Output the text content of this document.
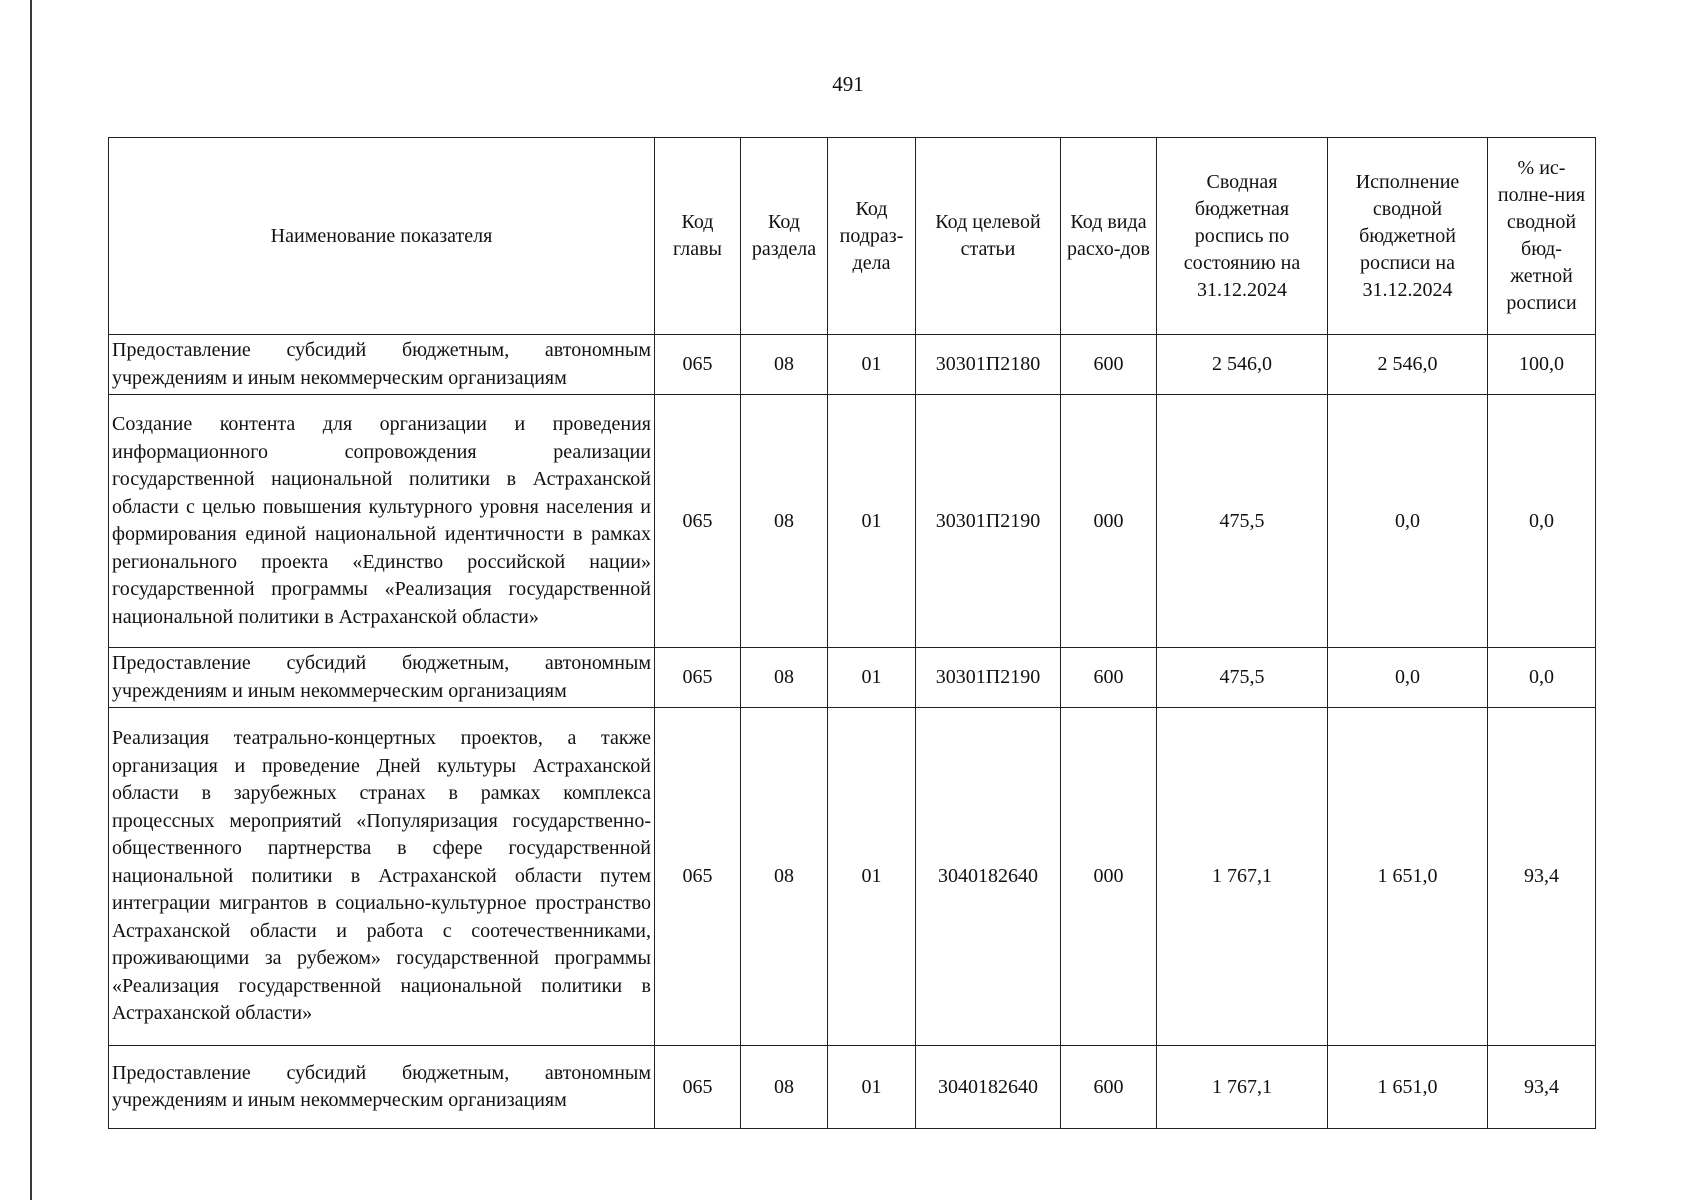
491
Наименование показателя	Код главы	Код раздела	Код подраз-дела	Код целевой статьи	Код вида расхо-дов	Сводная бюджетная роспись по состоянию на 31.12.2024	Исполнение сводной бюджетной росписи на 31.12.2024	% ис-полне-ния сводной бюд-жетной росписи
Предоставление субсидий бюджетным, автономным учреждениям и иным некоммерческим организациям	065	08	01	30301П2180	600	2 546,0	2 546,0	100,0
Создание контента для организации и проведения информационного сопровождения реализации государственной национальной политики в Астраханской области с целью повышения культурного уровня населения и формирования единой национальной идентичности в рамках регионального проекта «Единство российской нации» государственной программы «Реализация государственной национальной политики в Астраханской области»	065	08	01	30301П2190	000	475,5	0,0	0,0
Предоставление субсидий бюджетным, автономным учреждениям и иным некоммерческим организациям	065	08	01	30301П2190	600	475,5	0,0	0,0
Реализация театрально-концертных проектов, а также организация и проведение Дней культуры Астраханской области в зарубежных странах в рамках комплекса процессных мероприятий «Популяризация государственно-общественного партнерства в сфере государственной национальной политики в Астраханской области путем интеграции мигрантов в социально-культурное пространство Астраханской области и работа с соотечественниками, проживающими за рубежом» государственной программы «Реализация государственной национальной политики в Астраханской области»	065	08	01	3040182640	000	1 767,1	1 651,0	93,4
Предоставление субсидий бюджетным, автономным учреждениям и иным некоммерческим организациям	065	08	01	3040182640	600	1 767,1	1 651,0	93,4
